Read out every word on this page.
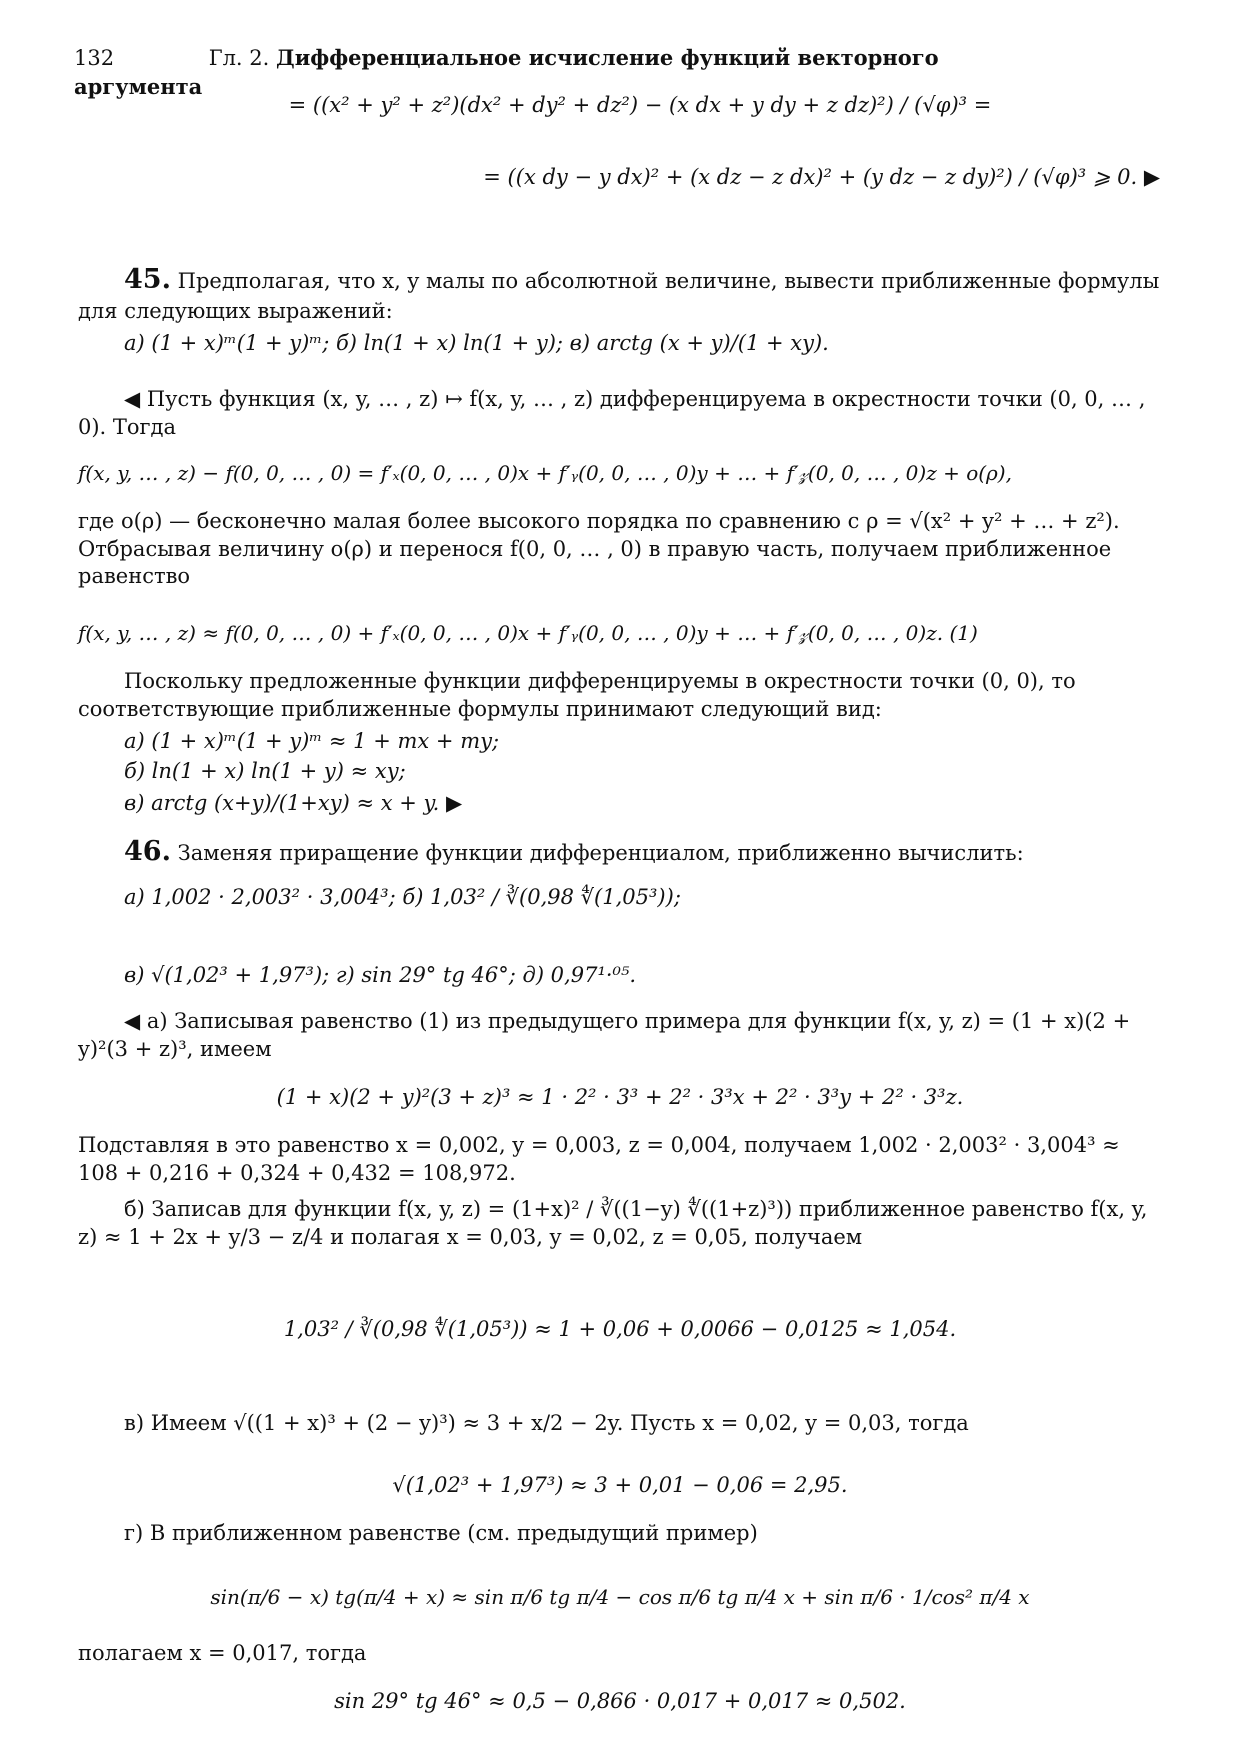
132	Гл. 2. Дифференциальное исчисление функций векторного аргумента
= ((x² + y² + z²)(dx² + dy² + dz²) − (x dx + y dy + z dz)²) / (√φ)³ =
= ((x dy − y dx)² + (x dz − z dx)² + (y dz − z dy)²) / (√φ)³ ⩾ 0. ▶
45. Предполагая, что x, y малы по абсолютной величине, вывести приближенные формулы для следующих выражений:
а) (1 + x)ᵐ(1 + y)ᵐ; б) ln(1 + x) ln(1 + y); в) arctg (x + y)/(1 + xy).
◀ Пусть функция (x, y, … , z) ↦ f(x, y, … , z) дифференцируема в окрестности точки (0, 0, … , 0). Тогда
f(x, y, … , z) − f(0, 0, … , 0) = f′ₓ(0, 0, … , 0)x + f′ᵧ(0, 0, … , 0)y + … + f′𝓏(0, 0, … , 0)z + o(ρ),
где o(ρ) — бесконечно малая более высокого порядка по сравнению с ρ = √(x² + y² + … + z²). Отбрасывая величину o(ρ) и перенося f(0, 0, … , 0) в правую часть, получаем приближенное равенство
f(x, y, … , z) ≈ f(0, 0, … , 0) + f′ₓ(0, 0, … , 0)x + f′ᵧ(0, 0, … , 0)y + … + f′𝓏(0, 0, … , 0)z. (1)
Поскольку предложенные функции дифференцируемы в окрестности точки (0, 0), то соответствующие приближенные формулы принимают следующий вид:
а) (1 + x)ᵐ(1 + y)ᵐ ≈ 1 + mx + my;
б) ln(1 + x) ln(1 + y) ≈ xy;
в) arctg (x+y)/(1+xy) ≈ x + y. ▶
46. Заменяя приращение функции дифференциалом, приближенно вычислить:
а) 1,002 · 2,003² · 3,004³; б) 1,03² / ∛(0,98 ∜(1,05³));
в) √(1,02³ + 1,97³); г) sin 29° tg 46°; д) 0,97¹·⁰⁵.
◀ а) Записывая равенство (1) из предыдущего примера для функции f(x, y, z) = (1 + x)(2 + y)²(3 + z)³, имеем
(1 + x)(2 + y)²(3 + z)³ ≈ 1 · 2² · 3³ + 2² · 3³x + 2² · 3³y + 2² · 3³z.
Подставляя в это равенство x = 0,002, y = 0,003, z = 0,004, получаем 1,002 · 2,003² · 3,004³ ≈ 108 + 0,216 + 0,324 + 0,432 = 108,972.
б) Записав для функции f(x, y, z) = (1+x)² / ∛((1−y) ∜((1+z)³)) приближенное равенство f(x, y, z) ≈ 1 + 2x + y/3 − z/4 и полагая x = 0,03, y = 0,02, z = 0,05, получаем
1,03² / ∛(0,98 ∜(1,05³)) ≈ 1 + 0,06 + 0,0066 − 0,0125 ≈ 1,054.
в) Имеем √((1 + x)³ + (2 − y)³) ≈ 3 + x/2 − 2y. Пусть x = 0,02, y = 0,03, тогда
√(1,02³ + 1,97³) ≈ 3 + 0,01 − 0,06 = 2,95.
г) В приближенном равенстве (см. предыдущий пример)
sin(π/6 − x) tg(π/4 + x) ≈ sin π/6 tg π/4 − cos π/6 tg π/4 x + sin π/6 · 1/cos² π/4 x
полагаем x = 0,017, тогда
sin 29° tg 46° ≈ 0,5 − 0,866 · 0,017 + 0,017 ≈ 0,502.
